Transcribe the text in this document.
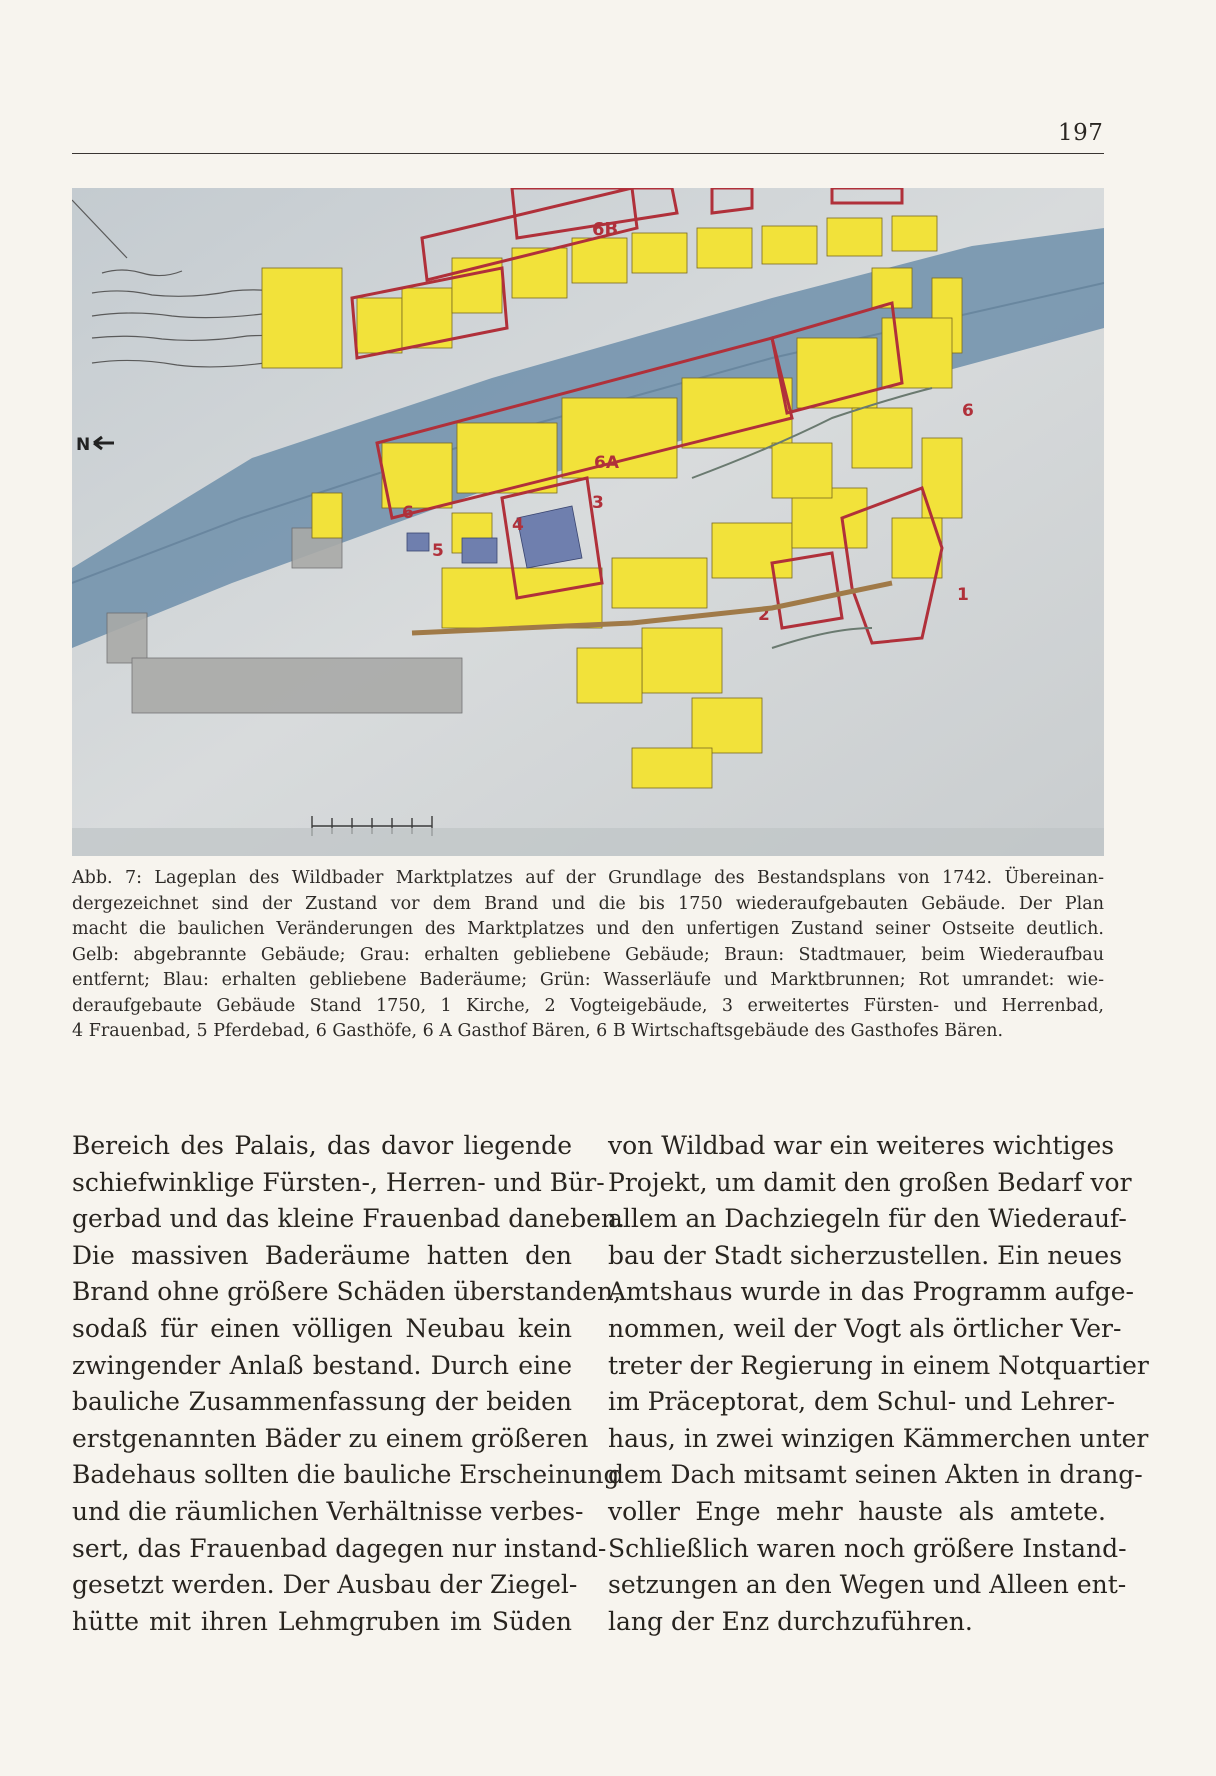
197
N
6B
6A
6
6
3
4
5
2
1
Abb. 7: Lageplan des Wildbader Marktplatzes auf der Grundlage des Bestandsplans von 1742. Übereinan-
dergezeichnet sind der Zustand vor dem Brand und die bis 1750 wiederaufgebauten Gebäude. Der Plan
macht die baulichen Veränderungen des Marktplatzes und den unfertigen Zustand seiner Ostseite deutlich.
Gelb: abgebrannte Gebäude; Grau: erhalten gebliebene Gebäude; Braun: Stadtmauer, beim Wiederaufbau
entfernt; Blau: erhalten gebliebene Baderäume; Grün: Wasserläufe und Marktbrunnen; Rot umrandet: wie-
deraufgebaute Gebäude Stand 1750, 1 Kirche, 2 Vogteigebäude, 3 erweitertes Fürsten- und Herrenbad,
4 Frauenbad, 5 Pferdebad, 6 Gasthöfe, 6 A Gasthof Bären, 6 B Wirtschaftsgebäude des Gasthofes Bären.
Bereich des Palais, das davor liegende
schiefwinklige Fürsten-, Herren- und Bür-
gerbad und das kleine Frauenbad daneben.
Die massiven Baderäume hatten den
Brand ohne größere Schäden überstanden,
sodaß für einen völligen Neubau kein
zwingender Anlaß bestand. Durch eine
bauliche Zusammenfassung der beiden
erstgenannten Bäder zu einem größeren
Badehaus sollten die bauliche Erscheinung
und die räumlichen Verhältnisse verbes-
sert, das Frauenbad dagegen nur instand-
gesetzt werden. Der Ausbau der Ziegel-
hütte mit ihren Lehmgruben im Süden
von Wildbad war ein weiteres wichtiges
Projekt, um damit den großen Bedarf vor
allem an Dachziegeln für den Wiederauf-
bau der Stadt sicherzustellen. Ein neues
Amtshaus wurde in das Programm aufge-
nommen, weil der Vogt als örtlicher Ver-
treter der Regierung in einem Notquartier
im Präceptorat, dem Schul- und Lehrer-
haus, in zwei winzigen Kämmerchen unter
dem Dach mitsamt seinen Akten in drang-
voller Enge mehr hauste als amtete.
Schließlich waren noch größere Instand-
setzungen an den Wegen und Alleen ent-
lang der Enz durchzuführen.
